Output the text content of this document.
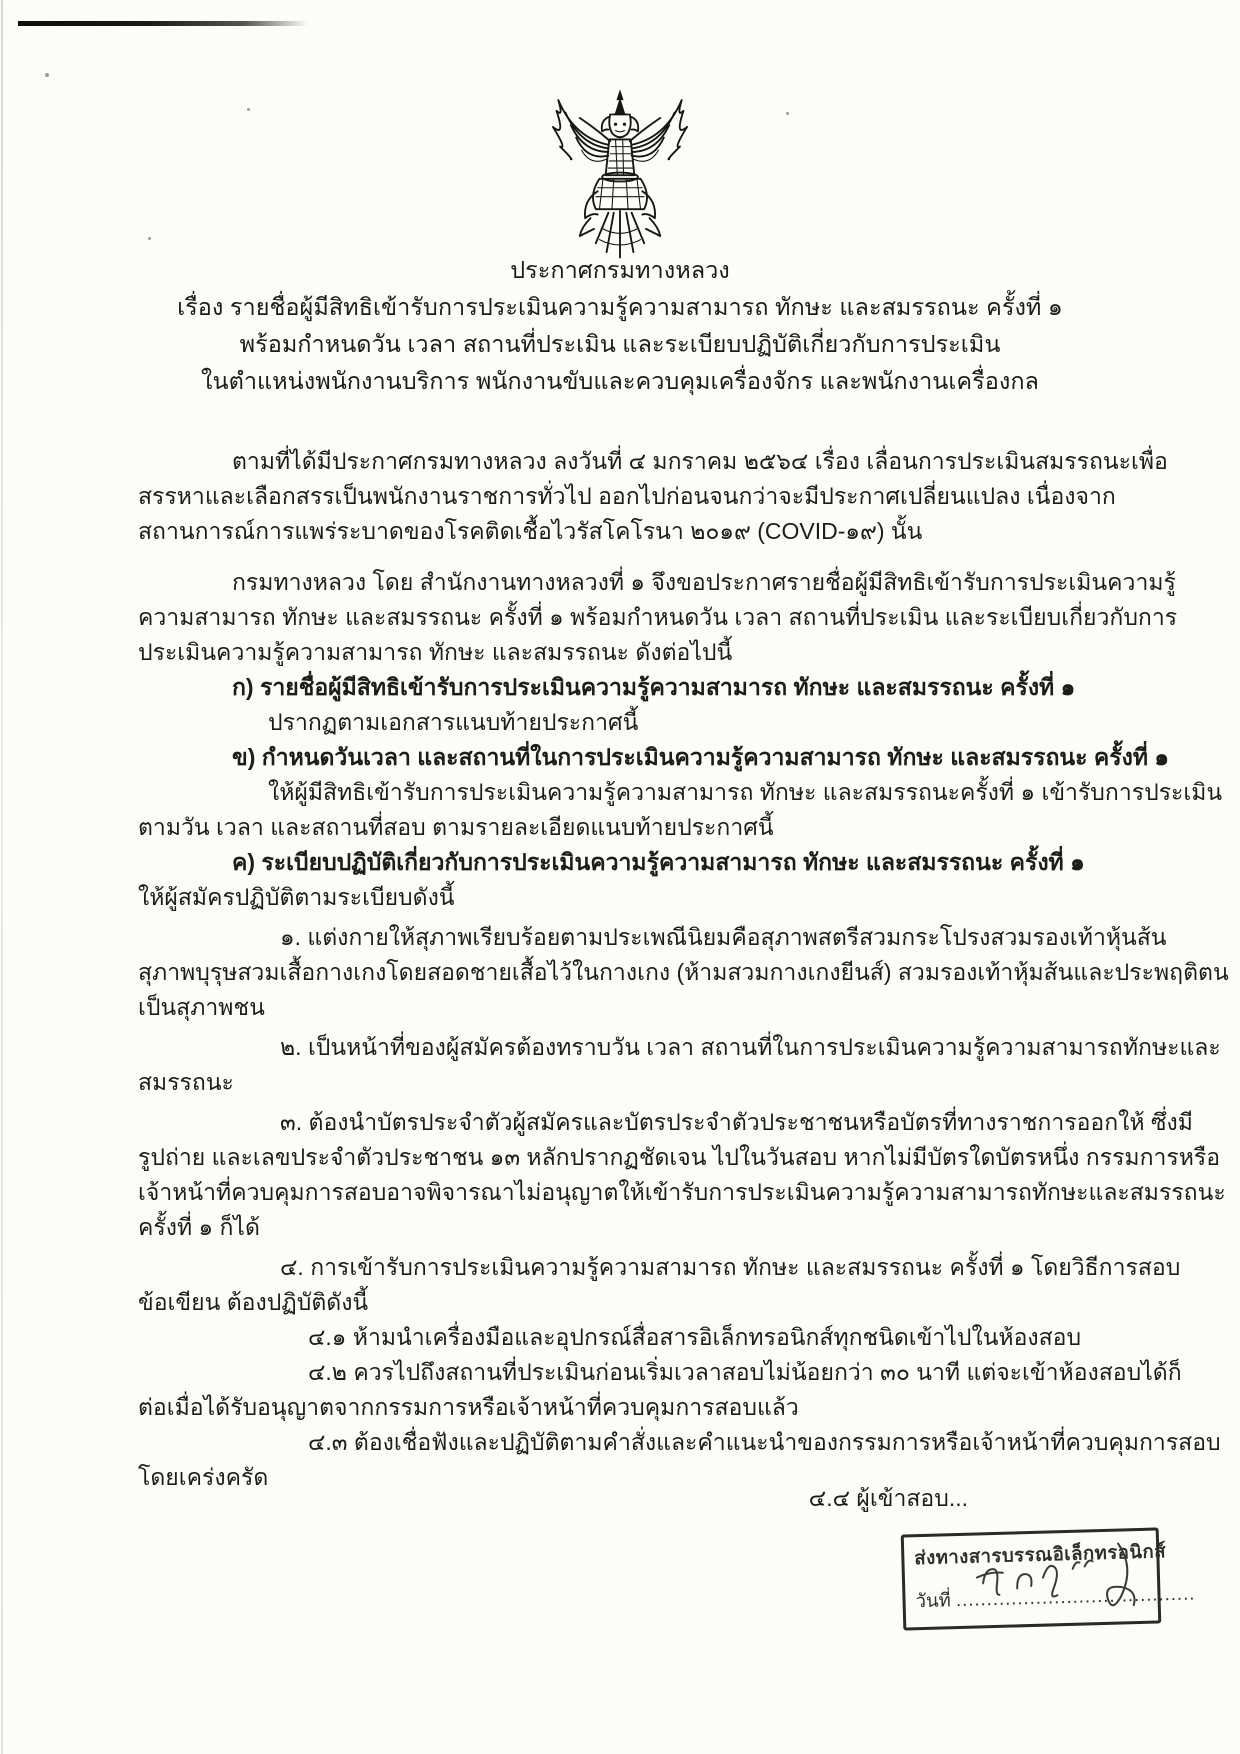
ประกาศกรมทางหลวง
เรื่อง รายชื่อผู้มีสิทธิเข้ารับการประเมินความรู้ความสามารถ ทักษะ และสมรรถนะ ครั้งที่ ๑
พร้อมกำหนดวัน เวลา สถานที่ประเมิน และระเบียบปฏิบัติเกี่ยวกับการประเมิน
ในตำแหน่งพนักงานบริการ พนักงานขับและควบคุมเครื่องจักร และพนักงานเครื่องกล
ตามที่ได้มีประกาศกรมทางหลวง ลงวันที่ ๔ มกราคม ๒๕๖๔ เรื่อง เลื่อนการประเมินสมรรถนะเพื่อ
สรรหาและเลือกสรรเป็นพนักงานราชการทั่วไป ออกไปก่อนจนกว่าจะมีประกาศเปลี่ยนแปลง เนื่องจาก
สถานการณ์การแพร่ระบาดของโรคติดเชื้อไวรัสโคโรนา ๒๐๑๙ (COVID-๑๙) นั้น
กรมทางหลวง โดย สำนักงานทางหลวงที่ ๑ จึงขอประกาศรายชื่อผู้มีสิทธิเข้ารับการประเมินความรู้
ความสามารถ ทักษะ และสมรรถนะ ครั้งที่ ๑ พร้อมกำหนดวัน เวลา สถานที่ประเมิน และระเบียบเกี่ยวกับการ
ประเมินความรู้ความสามารถ ทักษะ และสมรรถนะ ดังต่อไปนี้
ก) รายชื่อผู้มีสิทธิเข้ารับการประเมินความรู้ความสามารถ ทักษะ และสมรรถนะ ครั้งที่ ๑
ปรากฏตามเอกสารแนบท้ายประกาศนี้
ข) กำหนดวันเวลา และสถานที่ในการประเมินความรู้ความสามารถ ทักษะ และสมรรถนะ ครั้งที่ ๑
ให้ผู้มีสิทธิเข้ารับการประเมินความรู้ความสามารถ ทักษะ และสมรรถนะครั้งที่ ๑ เข้ารับการประเมิน
ตามวัน เวลา และสถานที่สอบ ตามรายละเอียดแนบท้ายประกาศนี้
ค) ระเบียบปฏิบัติเกี่ยวกับการประเมินความรู้ความสามารถ ทักษะ และสมรรถนะ ครั้งที่ ๑
ให้ผู้สมัครปฏิบัติตามระเบียบดังนี้
๑. แต่งกายให้สุภาพเรียบร้อยตามประเพณีนิยมคือสุภาพสตรีสวมกระโปรงสวมรองเท้าหุ้นส้น
สุภาพบุรุษสวมเสื้อกางเกงโดยสอดชายเสื้อไว้ในกางเกง (ห้ามสวมกางเกงยีนส์) สวมรองเท้าหุ้มส้นและประพฤติตน
เป็นสุภาพชน
๒. เป็นหน้าที่ของผู้สมัครต้องทราบวัน เวลา สถานที่ในการประเมินความรู้ความสามารถทักษะและ
สมรรถนะ
๓. ต้องนำบัตรประจำตัวผู้สมัครและบัตรประจำตัวประชาชนหรือบัตรที่ทางราชการออกให้ ซึ่งมี
รูปถ่าย และเลขประจำตัวประชาชน ๑๓ หลักปรากฏชัดเจน ไปในวันสอบ หากไม่มีบัตรใดบัตรหนึ่ง กรรมการหรือ
เจ้าหน้าที่ควบคุมการสอบอาจพิจารณาไม่อนุญาตให้เข้ารับการประเมินความรู้ความสามารถทักษะและสมรรถนะ
ครั้งที่ ๑ ก็ได้
๔. การเข้ารับการประเมินความรู้ความสามารถ ทักษะ และสมรรถนะ ครั้งที่ ๑ โดยวิธีการสอบ
ข้อเขียน ต้องปฏิบัติดังนี้
๔.๑ ห้ามนำเครื่องมือและอุปกรณ์สื่อสารอิเล็กทรอนิกส์ทุกชนิดเข้าไปในห้องสอบ
๔.๒ ควรไปถึงสถานที่ประเมินก่อนเริ่มเวลาสอบไม่น้อยกว่า ๓๐ นาที แต่จะเข้าห้องสอบได้ก็
ต่อเมื่อได้รับอนุญาตจากกรรมการหรือเจ้าหน้าที่ควบคุมการสอบแล้ว
๔.๓ ต้องเชื่อฟังและปฏิบัติตามคำสั่งและคำแนะนำของกรรมการหรือเจ้าหน้าที่ควบคุมการสอบ
โดยเคร่งครัด
๔.๔ ผู้เข้าสอบ...
ส่งทางสารบรรณอิเล็กทรอนิกส์
วันที่ .......................................
